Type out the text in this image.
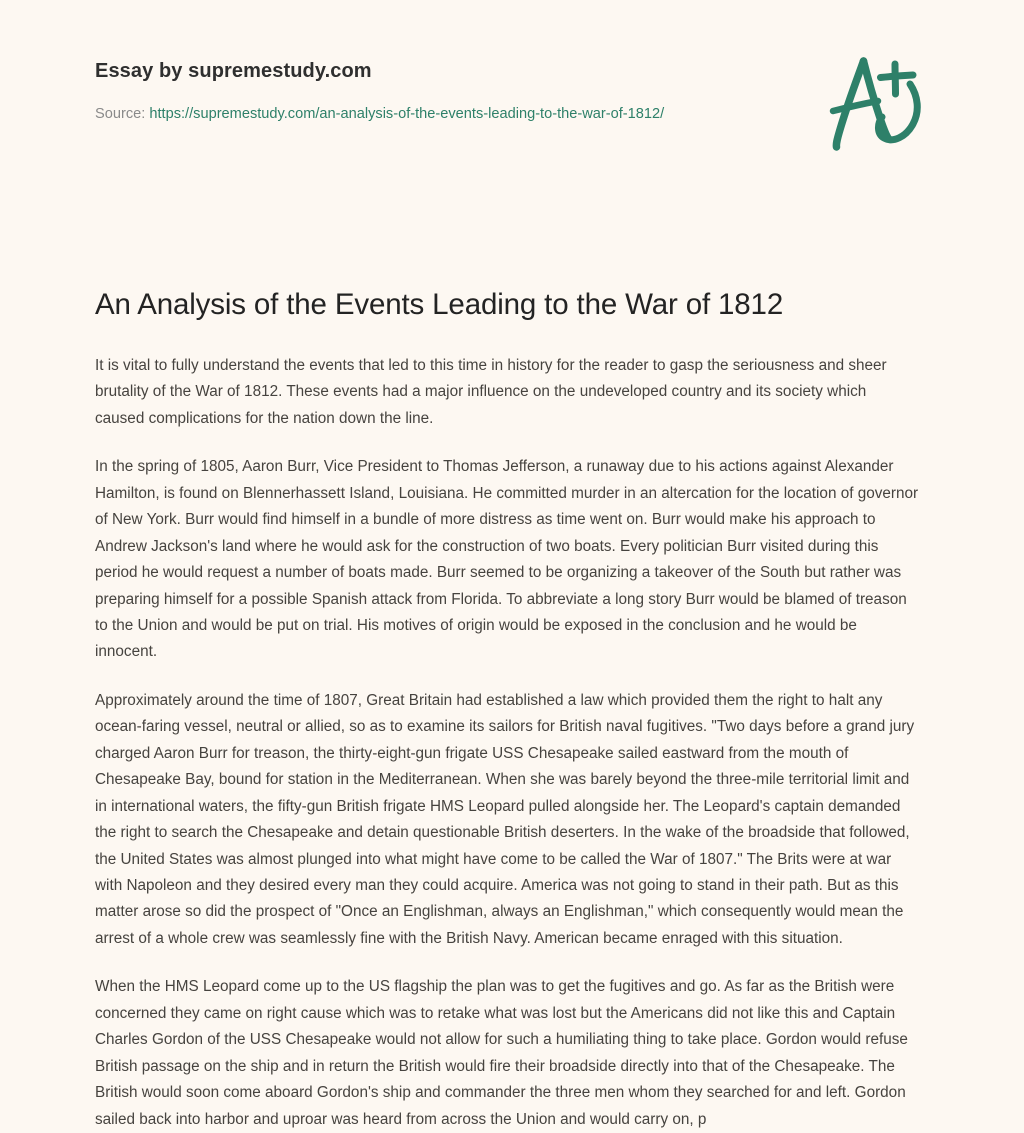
Essay by supremestudy.com
Source: https://supremestudy.com/an-analysis-of-the-events-leading-to-the-war-of-1812/
An Analysis of the Events Leading to the War of 1812

It is vital to fully understand the events that led to this time in history for the reader to gasp the seriousness and sheer brutality of the War of 1812. These events had a major influence on the undeveloped country and its society which caused complications for the nation down the line.

In the spring of 1805, Aaron Burr, Vice President to Thomas Jefferson, a runaway due to his actions against Alexander Hamilton, is found on Blennerhassett Island, Louisiana. He committed murder in an altercation for the location of governor of New York. Burr would find himself in a bundle of more distress as time went on. Burr would make his approach to Andrew Jackson's land where he would ask for the construction of two boats. Every politician Burr visited during this period he would request a number of boats made. Burr seemed to be organizing a takeover of the South but rather was preparing himself for a possible Spanish attack from Florida. To abbreviate a long story Burr would be blamed of treason to the Union and would be put on trial. His motives of origin would be exposed in the conclusion and he would be innocent.

Approximately around the time of 1807, Great Britain had established a law which provided them the right to halt any ocean-faring vessel, neutral or allied, so as to examine its sailors for British naval fugitives. "Two days before a grand jury charged Aaron Burr for treason, the thirty-eight-gun frigate USS Chesapeake sailed eastward from the mouth of Chesapeake Bay, bound for station in the Mediterranean. When she was barely beyond the three-mile territorial limit and in international waters, the fifty-gun British frigate HMS Leopard pulled alongside her. The Leopard's captain demanded the right to search the Chesapeake and detain questionable British deserters. In the wake of the broadside that followed, the United States was almost plunged into what might have come to be called the War of 1807." The Brits were at war with Napoleon and they desired every man they could acquire. America was not going to stand in their path. But as this matter arose so did the prospect of "Once an Englishman, always an Englishman," which consequently would mean the arrest of a whole crew was seamlessly fine with the British Navy. American became enraged with this situation.

When the HMS Leopard come up to the US flagship the plan was to get the fugitives and go. As far as the British were concerned they came on right cause which was to retake what was lost but the Americans did not like this and Captain Charles Gordon of the USS Chesapeake would not allow for such a humiliating thing to take place. Gordon would refuse British passage on the ship and in return the British would fire their broadside directly into that of the Chesapeake. The British would soon come aboard Gordon's ship and commander the three men whom they searched for and left. Gordon sailed back into harbor and uproar was heard from across the Union and would carry on, p
